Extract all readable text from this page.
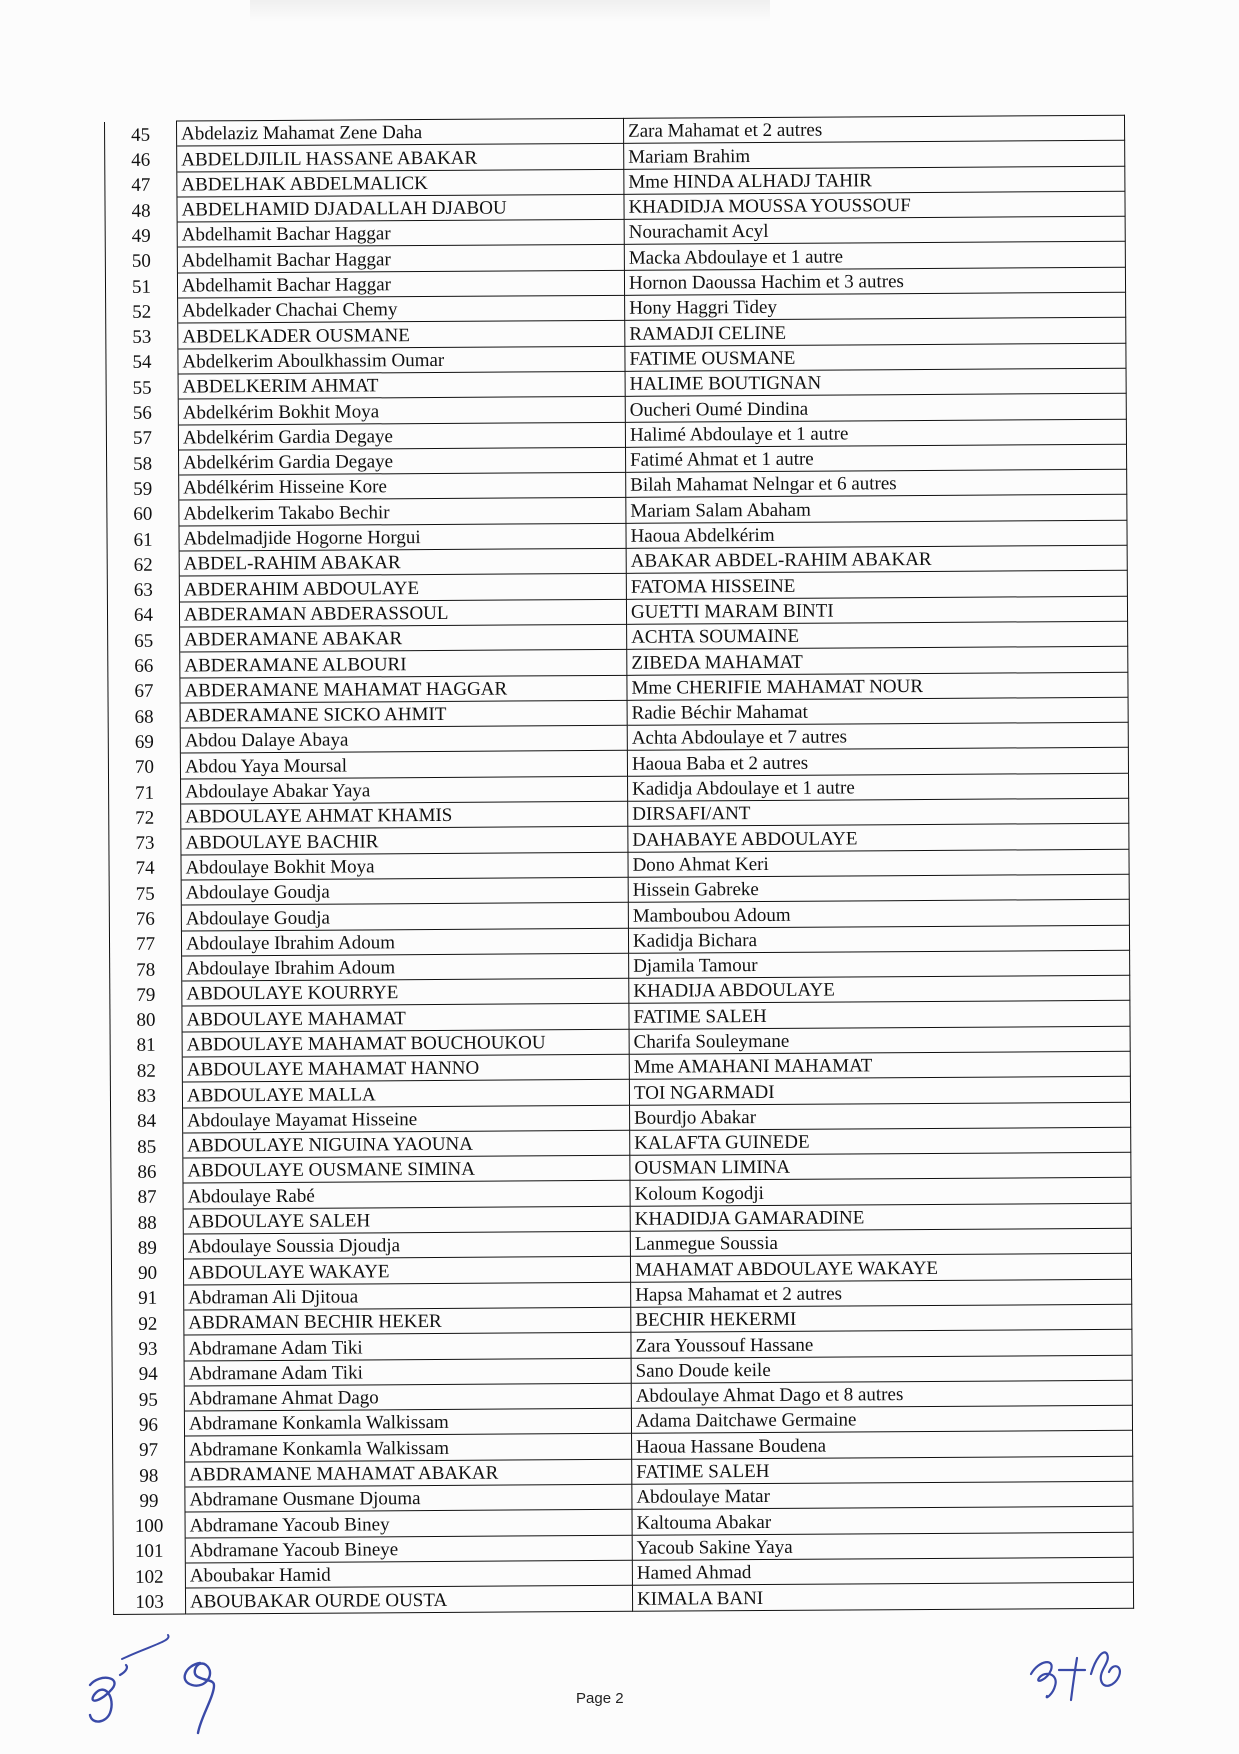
45	Abdelaziz Mahamat Zene Daha	Zara Mahamat et 2 autres
46	ABDELDJILIL HASSANE ABAKAR	Mariam Brahim
47	ABDELHAK ABDELMALICK	Mme HINDA ALHADJ TAHIR
48	ABDELHAMID DJADALLAH DJABOU	KHADIDJA MOUSSA YOUSSOUF
49	Abdelhamit Bachar Haggar	Nourachamit Acyl
50	Abdelhamit Bachar Haggar	Macka Abdoulaye et 1 autre
51	Abdelhamit Bachar Haggar	Hornon Daoussa Hachim et 3 autres
52	Abdelkader Chachai Chemy	Hony Haggri Tidey
53	ABDELKADER OUSMANE	RAMADJI CELINE
54	Abdelkerim Aboulkhassim Oumar	FATIME OUSMANE
55	ABDELKERIM AHMAT	HALIME BOUTIGNAN
56	Abdelkérim Bokhit Moya	Oucheri Oumé Dindina
57	Abdelkérim Gardia Degaye	Halimé Abdoulaye et 1 autre
58	Abdelkérim Gardia Degaye	Fatimé Ahmat et 1 autre
59	Abdélkérim Hisseine Kore	Bilah Mahamat Nelngar et 6 autres
60	Abdelkerim Takabo Bechir	Mariam Salam Abaham
61	Abdelmadjide Hogorne Horgui	Haoua Abdelkérim
62	ABDEL-RAHIM ABAKAR	ABAKAR ABDEL-RAHIM ABAKAR
63	ABDERAHIM ABDOULAYE	FATOMA HISSEINE
64	ABDERAMAN ABDERASSOUL	GUETTI MARAM BINTI
65	ABDERAMANE ABAKAR	ACHTA SOUMAINE
66	ABDERAMANE ALBOURI	ZIBEDA MAHAMAT
67	ABDERAMANE MAHAMAT HAGGAR	Mme CHERIFIE MAHAMAT NOUR
68	ABDERAMANE SICKO AHMIT	Radie Béchir Mahamat
69	Abdou Dalaye Abaya	Achta Abdoulaye et 7 autres
70	Abdou Yaya Moursal	Haoua Baba et 2 autres
71	Abdoulaye Abakar Yaya	Kadidja Abdoulaye et 1 autre
72	ABDOULAYE AHMAT KHAMIS	DIRSAFI/ANT
73	ABDOULAYE BACHIR	DAHABAYE ABDOULAYE
74	Abdoulaye Bokhit Moya	Dono Ahmat Keri
75	Abdoulaye Goudja	Hissein Gabreke
76	Abdoulaye Goudja	Mamboubou Adoum
77	Abdoulaye Ibrahim Adoum	Kadidja Bichara
78	Abdoulaye Ibrahim Adoum	Djamila Tamour
79	ABDOULAYE KOURRYE	KHADIJA ABDOULAYE
80	ABDOULAYE MAHAMAT	FATIME SALEH
81	ABDOULAYE MAHAMAT BOUCHOUKOU	Charifa Souleymane
82	ABDOULAYE MAHAMAT HANNO	Mme AMAHANI MAHAMAT
83	ABDOULAYE MALLA	TOI NGARMADI
84	Abdoulaye Mayamat Hisseine	Bourdjo Abakar
85	ABDOULAYE NIGUINA YAOUNA	KALAFTA GUINEDE
86	ABDOULAYE OUSMANE SIMINA	OUSMAN LIMINA
87	Abdoulaye Rabé	Koloum Kogodji
88	ABDOULAYE SALEH	KHADIDJA GAMARADINE
89	Abdoulaye Soussia Djoudja	Lanmegue Soussia
90	ABDOULAYE WAKAYE	MAHAMAT ABDOULAYE WAKAYE
91	Abdraman Ali Djitoua	Hapsa Mahamat et 2 autres
92	ABDRAMAN BECHIR HEKER	BECHIR HEKERMI
93	Abdramane Adam Tiki	Zara Youssouf Hassane
94	Abdramane Adam Tiki	Sano Doude keile
95	Abdramane Ahmat Dago	Abdoulaye Ahmat Dago et 8 autres
96	Abdramane Konkamla Walkissam	Adama Daitchawe Germaine
97	Abdramane Konkamla Walkissam	Haoua Hassane Boudena
98	ABDRAMANE MAHAMAT ABAKAR	FATIME SALEH
99	Abdramane Ousmane Djouma	Abdoulaye Matar
100	Abdramane Yacoub Biney	Kaltouma Abakar
101	Abdramane Yacoub Bineye	Yacoub Sakine Yaya
102	Aboubakar Hamid	Hamed Ahmad
103	ABOUBAKAR OURDE OUSTA	KIMALA BANI
Page 2
